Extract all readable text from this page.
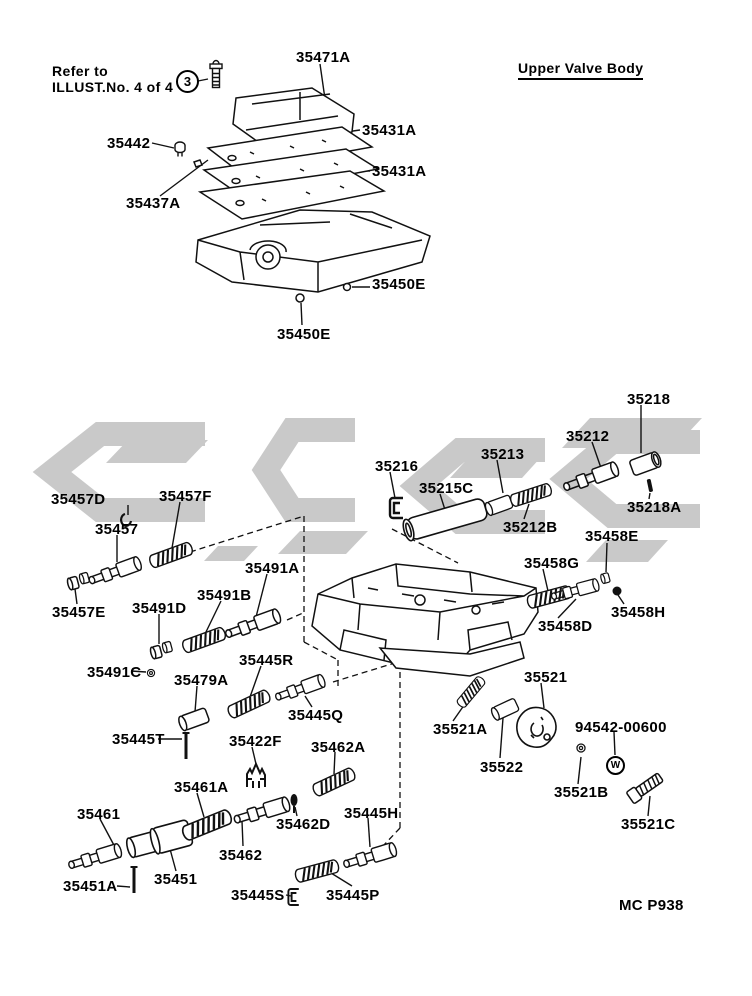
Refer to
ILLUST.No. 4 of 4 3
Upper Valve Body
W
MC P938
35471A
35442
35431A
35431A
35437A
35450E
35450E
35218
35212
35213
35216
35215C
35212B
35218A
35458E
35457D	35457F
35457
35458G
35491A
35458H
35457E 35491D
35491B
35458D
35491C
35445R
35479A	35521
35445Q
35521A	94542-00600
35445T	35422F 35462A
35522
35461A	35521B
35461
35462D
35445H
35521C
35451A 35451
35462
35445S	35445P
